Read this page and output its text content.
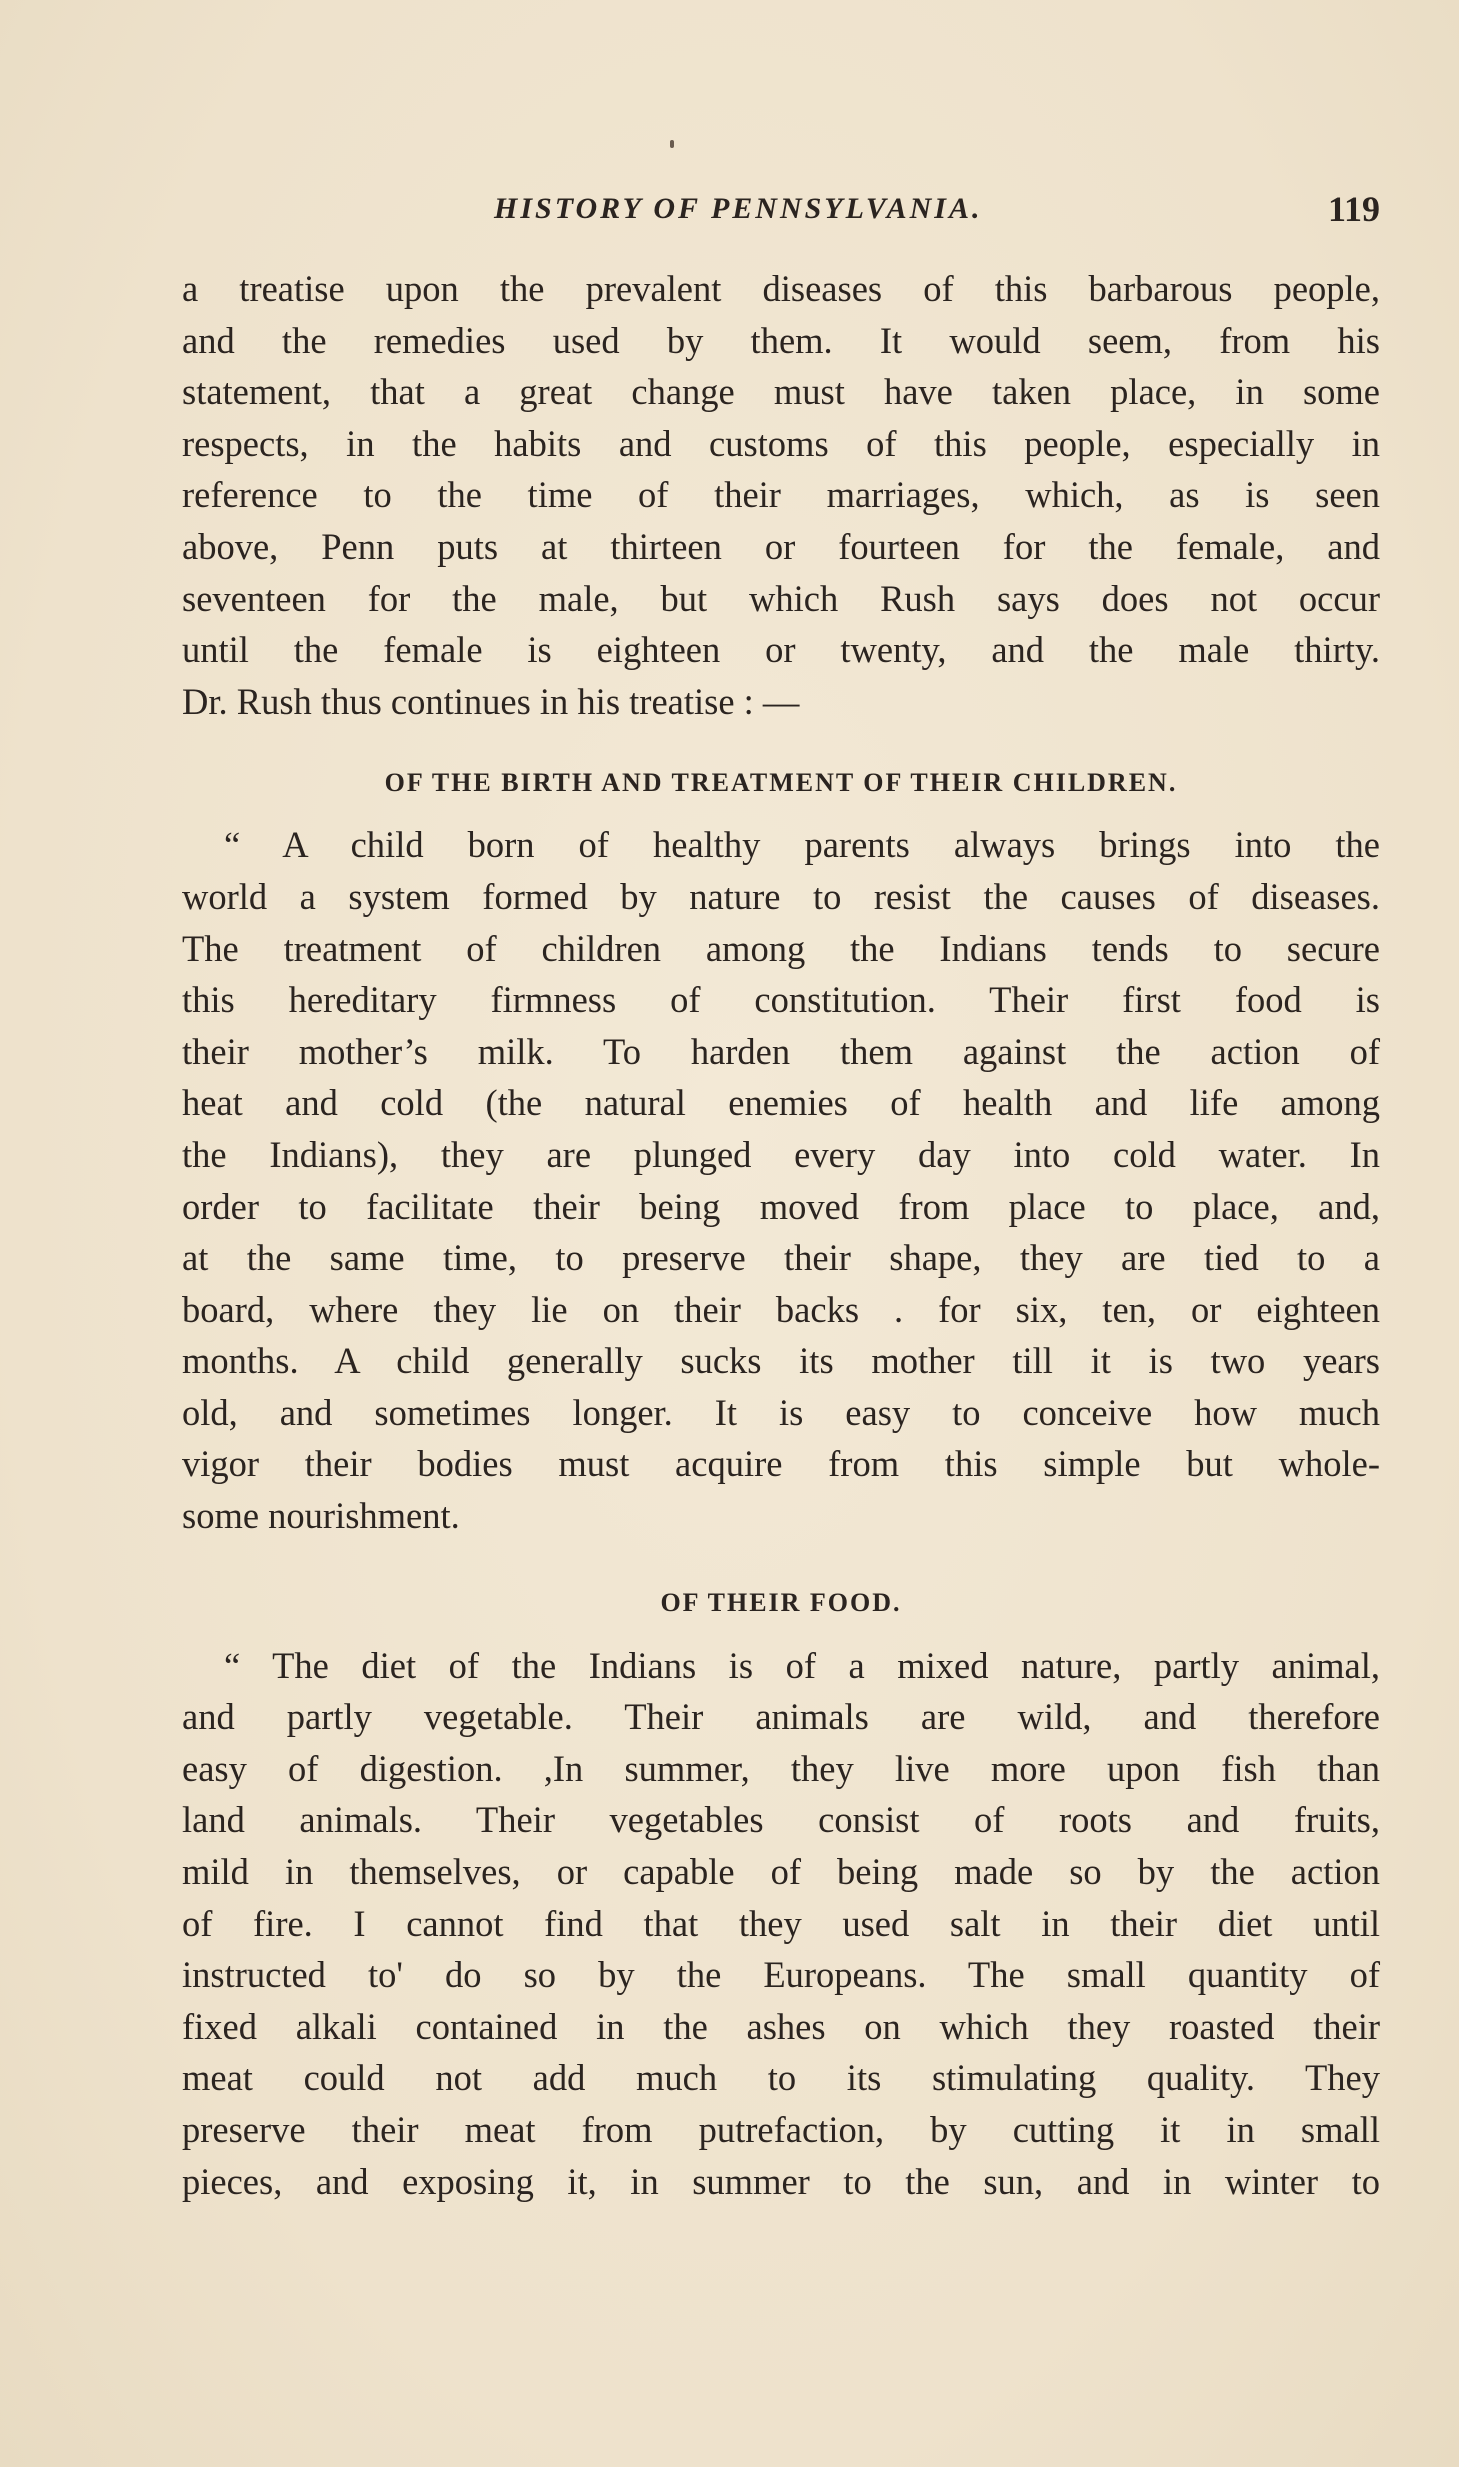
HISTORY OF PENNSYLVANIA.	119

a treatise upon the prevalent diseases of this barbarous people,
and the remedies used by them. It would seem, from his
statement, that a great change must have taken place, in some
respects, in the habits and customs of this people, especially in
reference to the time of their marriages, which, as is seen
above, Penn puts at thirteen or fourteen for the female, and
seventeen for the male, but which Rush says does not occur
until the female is eighteen or twenty, and the male thirty.
Dr. Rush thus continues in his treatise : —

OF THE BIRTH AND TREATMENT OF THEIR CHILDREN.

“ A child born of healthy parents always brings into the
world a system formed by nature to resist the causes of diseases.
The treatment of children among the Indians tends to secure
this hereditary firmness of constitution. Their first food is
their mother’s milk. To harden them against the action of
heat and cold (the natural enemies of health and life among
the Indians), they are plunged every day into cold water. In
order to facilitate their being moved from place to place, and,
at the same time, to preserve their shape, they are tied to a
board, where they lie on their backs . for six, ten, or eighteen
months. A child generally sucks its mother till it is two years
old, and sometimes longer. It is easy to conceive how much
vigor their bodies must acquire from this simple but whole-
some nourishment.

OF THEIR FOOD.

“ The diet of the Indians is of a mixed nature, partly animal,
and partly vegetable. Their animals are wild, and therefore
easy of digestion. ,In summer, they live more upon fish than
land animals. Their vegetables consist of roots and fruits,
mild in themselves, or capable of being made so by the action
of fire. I cannot find that they used salt in their diet until
instructed to' do so by the Europeans. The small quantity of
fixed alkali contained in the ashes on which they roasted their
meat could not add much to its stimulating quality. They
preserve their meat from putrefaction, by cutting it in small
pieces, and exposing it, in summer to the sun, and in winter to
